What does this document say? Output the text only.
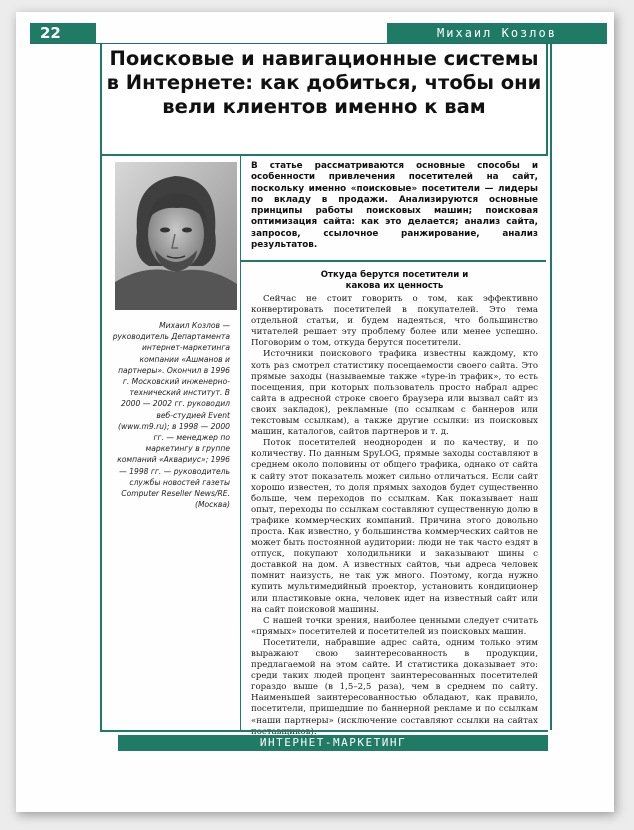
22	Михаил Козлов
Поисковые и навигационные системы в Интернете: как добиться, чтобы они вели клиентов именно к вам

Михаил Козлов — руководитель Департамента интернет-маркетинга компании «Ашманов и партнеры». Окончил в 1996 г. Московский инженерно-технический институт. В 2000 — 2002 гг. руководил веб-студией Event (www.m9.ru); в 1998 — 2000 гг. — менеджер по маркетингу в группе компаний «Аквариус»; 1996 — 1998 гг. — руководитель службы новостей газеты Computer Reseller News/RE. (Москва)

В статье рассматриваются основные способы и особенности привлечения посетителей на сайт, поскольку именно «поисковые» посетители — лидеры по вкладу в продажи. Анализируются основные принципы работы поисковых машин; поисковая оптимизация сайта: как это делается; анализ сайта, запросов, ссылочное ранжирование, анализ результатов.

Откуда берутся посетители и
какова их ценность

Сейчас не стоит говорить о том, как эффективно конвертировать посетителей в покупателей. Это тема отдельной статьи, и будем надеяться, что большинство читателей решает эту проблему более или менее успешно. Поговорим о том, откуда берутся посетители.

Источники поискового трафика известны каждому, кто хоть раз смотрел статистику посещаемости своего сайта. Это прямые заходы (называемые также «type-in трафик», то есть посещения, при которых пользователь просто набрал адрес сайта в адресной строке своего браузера или вызвал сайт из своих закладок), рекламные (по ссылкам с баннеров или текстовым ссылкам), а также другие ссылки: из поисковых машин, каталогов, сайтов партнеров и т. д.

Поток посетителей неоднороден и по качеству, и по количеству. По данным SpyLOG, прямые заходы составляют в среднем около половины от общего трафика, однако от сайта к сайту этот показатель может сильно отличаться. Если сайт хорошо известен, то доля прямых заходов будет существенно больше, чем переходов по ссылкам. Как показывает наш опыт, переходы по ссылкам составляют существенную долю в трафике коммерческих компаний. Причина этого довольно проста. Как известно, у большинства коммерческих сайтов не может быть постоянной аудитории: люди не так часто ездят в отпуск, покупают холодильники и заказывают шины с доставкой на дом. А известных сайтов, чьи адреса человек помнит наизусть, не так уж много. Поэтому, когда нужно купить мультимедийный проектор, установить кондиционер или пластиковые окна, человек идет на известный сайт или на сайт поисковой машины.

С нашей точки зрения, наиболее ценными следует считать «прямых» посетителей и посетителей из поисковых машин.

Посетители, набравшие адрес сайта, одним только этим выражают свою заинтересованность в продукции, предлагаемой на этом сайте. И статистика доказывает это: среди таких людей процент заинтересованных посетителей гораздо выше (в 1,5–2,5 раза), чем в среднем по сайту. Наименьшей заинтересованностью обладают, как правило, посетители, пришедшие по баннерной рекламе и по ссылкам «наши партнеры» (исключение составляют ссылки на сайтах

ИНТЕРНЕТ-МАРКЕТИНГ
